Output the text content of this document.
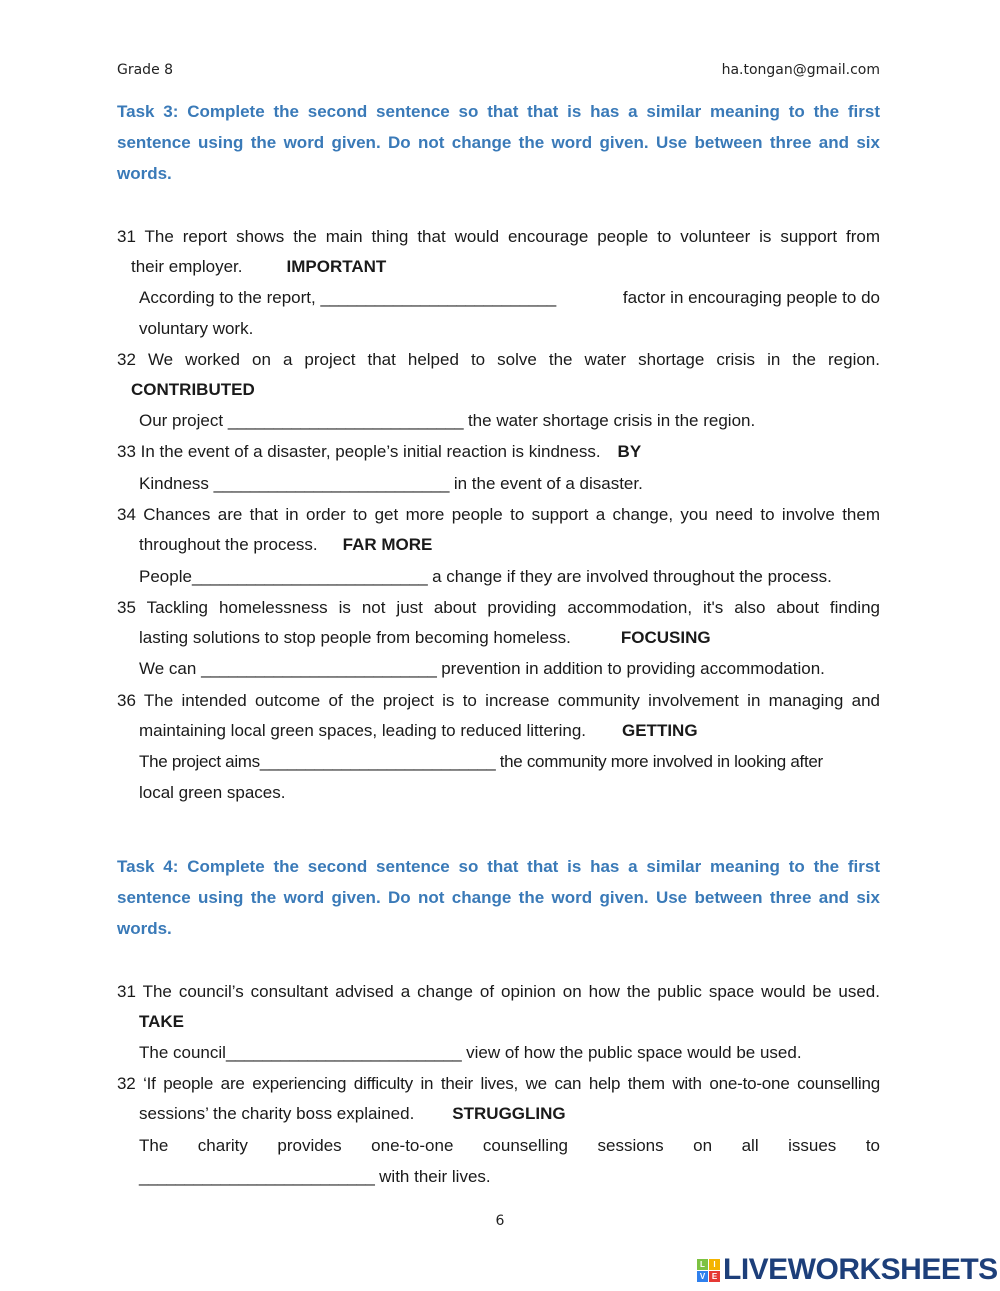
Grade 8	ha.tongan@gmail.com
Task 3: Complete the second sentence so that that is has a similar meaning to the first
sentence using the word given. Do not change the word given. Use between three and six
words.
31 The report shows the main thing that would encourage people to volunteer is support from
their employer.	IMPORTANT
According to the report, __________________________	factor in encouraging people to do
voluntary work.
32 We worked on a project that helped to solve the water shortage crisis in the region.
CONTRIBUTED
Our project __________________________ the water shortage crisis in the region.
33 In the event of a disaster, people’s initial reaction is kindness. BY
Kindness __________________________ in the event of a disaster.
34 Chances are that in order to get more people to support a change, you need to involve them
throughout the process. FAR MORE
People__________________________ a change if they are involved throughout the process.
35 Tackling homelessness is not just about providing accommodation, it's also about finding
lasting solutions to stop people from becoming homeless.	FOCUSING
We can __________________________ prevention in addition to providing accommodation.
36 The intended outcome of the project is to increase community involvement in managing and
maintaining local green spaces, leading to reduced littering. GETTING
The project aims__________________________ the community more involved in looking after
local green spaces.
Task 4: Complete the second sentence so that that is has a similar meaning to the first
sentence using the word given. Do not change the word given. Use between three and six
words.
31 The council’s consultant advised a change of opinion on how the public space would be used.
TAKE
The council__________________________ view of how the public space would be used.
32 ‘If people are experiencing difficulty in their lives, we can help them with one-to-one counselling
sessions’ the charity boss explained. STRUGGLING
The charity provides one-to-one counselling sessions on all issues to
__________________________ with their lives.
6
L	I
V E LIVEWORKSHEETS
